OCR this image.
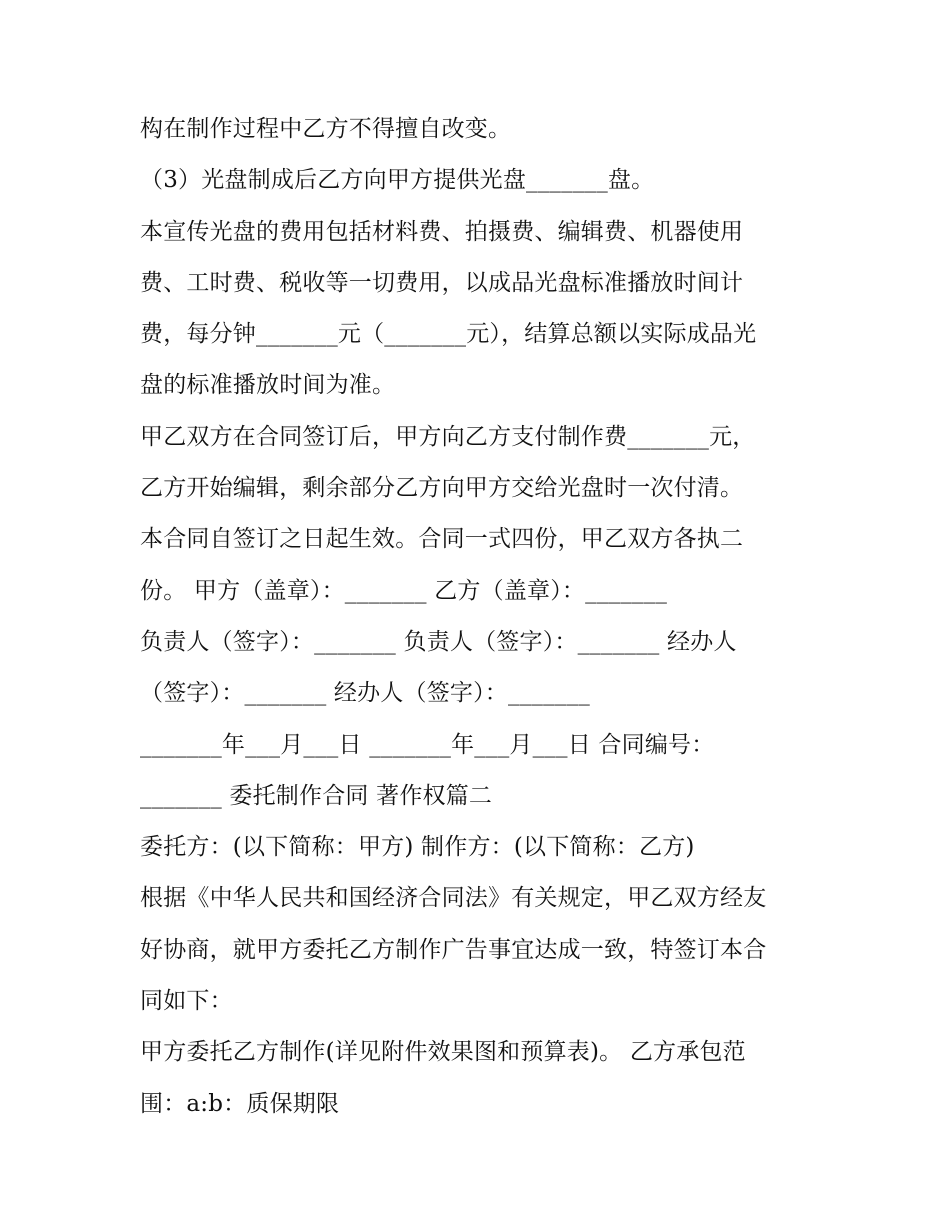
构在制作过程中乙方不得擅自改变。
（3）光盘制成后乙方向甲方提供光盘_______盘。
本宣传光盘的费用包括材料费、拍摄费、编辑费、机器使用
费、工时费、税收等一切费用，以成品光盘标准播放时间计
费，每分钟_______元（_______元），结算总额以实际成品光
盘的标准播放时间为准。
甲乙双方在合同签订后，甲方向乙方支付制作费_______元，
乙方开始编辑，剩余部分乙方向甲方交给光盘时一次付清。
本合同自签订之日起生效。合同一式四份，甲乙双方各执二
份。 甲方（盖章）：_______ 乙方（盖章）：_______
负责人（签字）：_______ 负责人（签字）：_______ 经办人
（签字）：_______ 经办人（签字）：_______
_______年___月___日 _______年___月___日 合同编号：
_______ 委托制作合同 著作权篇二
委托方：(以下简称：甲方) 制作方：(以下简称：乙方)
根据《中华人民共和国经济合同法》有关规定，甲乙双方经友
好协商，就甲方委托乙方制作广告事宜达成一致，特签订本合
同如下：
甲方委托乙方制作(详见附件效果图和预算表)。 乙方承包范
围：a:b：质保期限
